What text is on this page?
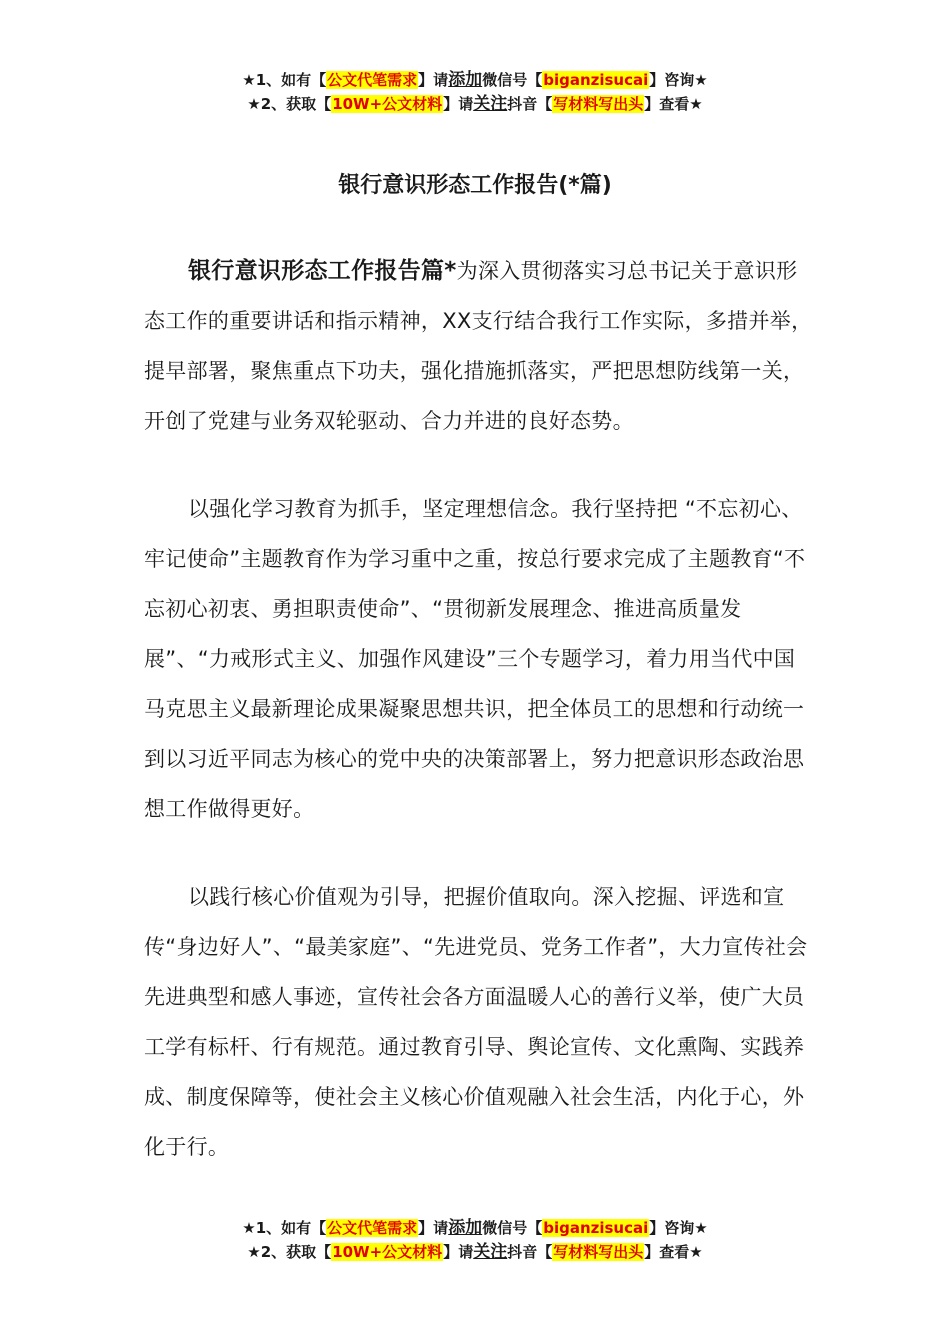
★1、如有【公文代笔需求】请添加微信号【biganzisucai】咨询★
★2、获取【10W+公文材料】请关注抖音【写材料写出头】查看★
银行意识形态工作报告(*篇)

银行意识形态工作报告篇*为深入贯彻落实习总书记关于意识形态工作的重要讲话和指示精神，XX支行结合我行工作实际，多措并举，提早部署，聚焦重点下功夫，强化措施抓落实，严把思想防线第一关，开创了党建与业务双轮驱动、合力并进的良好态势。

以强化学习教育为抓手，坚定理想信念。我行坚持把 “不忘初心、牢记使命”主题教育作为学习重中之重，按总行要求完成了主题教育“不忘初心初衷、勇担职责使命”、“贯彻新发展理念、推进高质量发展”、“力戒形式主义、加强作风建设”三个专题学习，着力用当代中国马克思主义最新理论成果凝聚思想共识，把全体员工的思想和行动统一到以习近平同志为核心的党中央的决策部署上，努力把意识形态政治思想工作做得更好。

以践行核心价值观为引导，把握价值取向。深入挖掘、评选和宣传“身边好人”、“最美家庭”、“先进党员、党务工作者”，大力宣传社会先进典型和感人事迹，宣传社会各方面温暖人心的善行义举，使广大员工学有标杆、行有规范。通过教育引导、舆论宣传、文化熏陶、实践养成、制度保障等，使社会主义核心价值观融入社会生活，内化于心，外化于行。

★1、如有【公文代笔需求】请添加微信号【biganzisucai】咨询★
★2、获取【10W+公文材料】请关注抖音【写材料写出头】查看★
